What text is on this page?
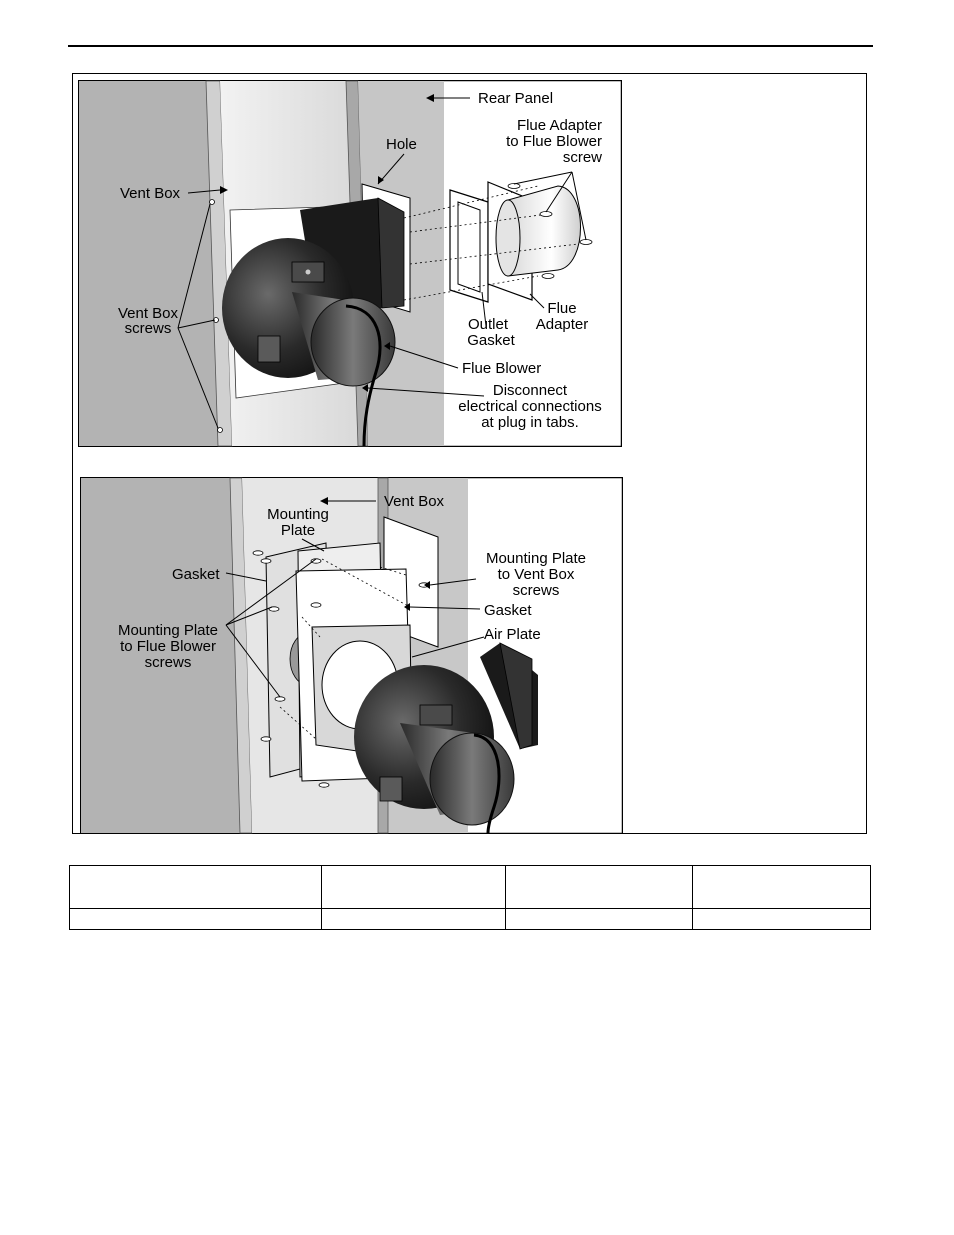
Rear Panel
Hole
Flue Adapter
to Flue Blower
screw
Vent Box
Vent Box
screws	Outlet
Gasket
Flue
Adapter
Flue Blower
Disconnect
electrical connections
at plug in tabs.
Vent Box
Mounting
Plate
Gasket
Mounting Plate
to Flue Blower
screws
Mounting Plate
to Vent Box
screws
Gasket
Air Plate
